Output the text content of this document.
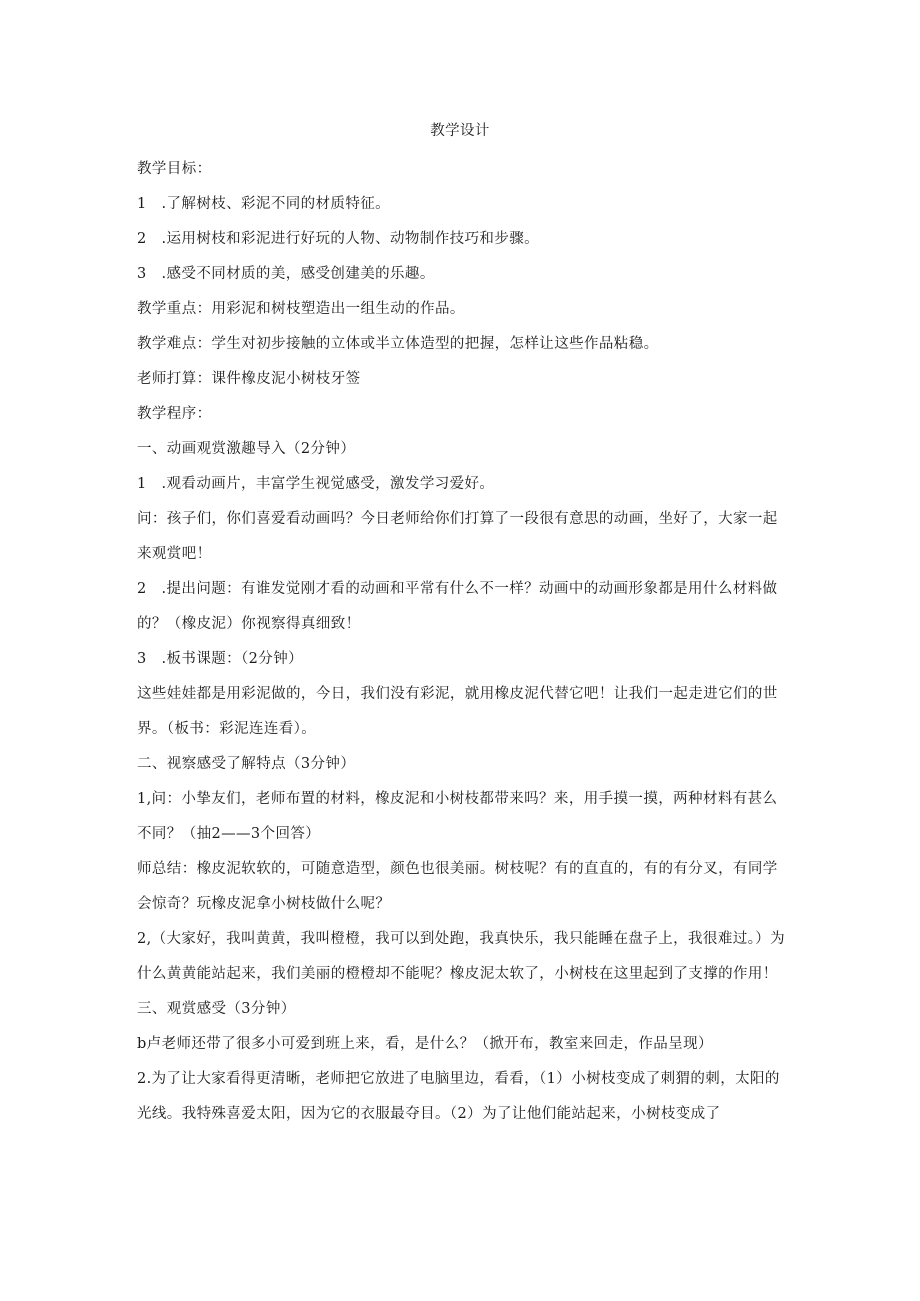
教学设计

教学目标：

1　.了解树枝、彩泥不同的材质特征。

2　.运用树枝和彩泥进行好玩的人物、动物制作技巧和步骤。

3　.感受不同材质的美，感受创建美的乐趣。

教学重点：用彩泥和树枝塑造出一组生动的作品。

教学难点：学生对初步接触的立体或半立体造型的把握，怎样让这些作品粘稳。

老师打算：课件橡皮泥小树枝牙签

教学程序：

一、动画观赏激趣导入（2分钟）

1　.观看动画片，丰富学生视觉感受，激发学习爱好。

问：孩子们，你们喜爱看动画吗？今日老师给你们打算了一段很有意思的动画，坐好了，大家一起来观赏吧！

2　.提出问题：有谁发觉刚才看的动画和平常有什么不一样？动画中的动画形象都是用什么材料做的？（橡皮泥）你视察得真细致！

3　.板书课题：（2分钟）

这些娃娃都是用彩泥做的，今日，我们没有彩泥，就用橡皮泥代替它吧！让我们一起走进它们的世界。（板书：彩泥连连看）。

二、视察感受了解特点（3分钟）

1,问：小挚友们，老师布置的材料，橡皮泥和小树枝都带来吗？来，用手摸一摸，两种材料有甚么不同？（抽2——3个回答）

师总结：橡皮泥软软的，可随意造型，颜色也很美丽。树枝呢？有的直直的，有的有分叉，有同学会惊奇？玩橡皮泥拿小树枝做什么呢？

2,（大家好，我叫黄黄，我叫橙橙，我可以到处跑，我真快乐，我只能睡在盘子上，我很难过。）为什么黄黄能站起来，我们美丽的橙橙却不能呢？橡皮泥太软了，小树枝在这里起到了支撑的作用！

三、观赏感受（3分钟）

b卢老师还带了很多小可爱到班上来，看，是什么？（掀开布，教室来回走，作品呈现）

2.为了让大家看得更清晰，老师把它放进了电脑里边，看看，（1）小树枝变成了刺猬的刺，太阳的光线。我特殊喜爱太阳，因为它的衣服最夺目。（2）为了让他们能站起来，小树枝变成了
